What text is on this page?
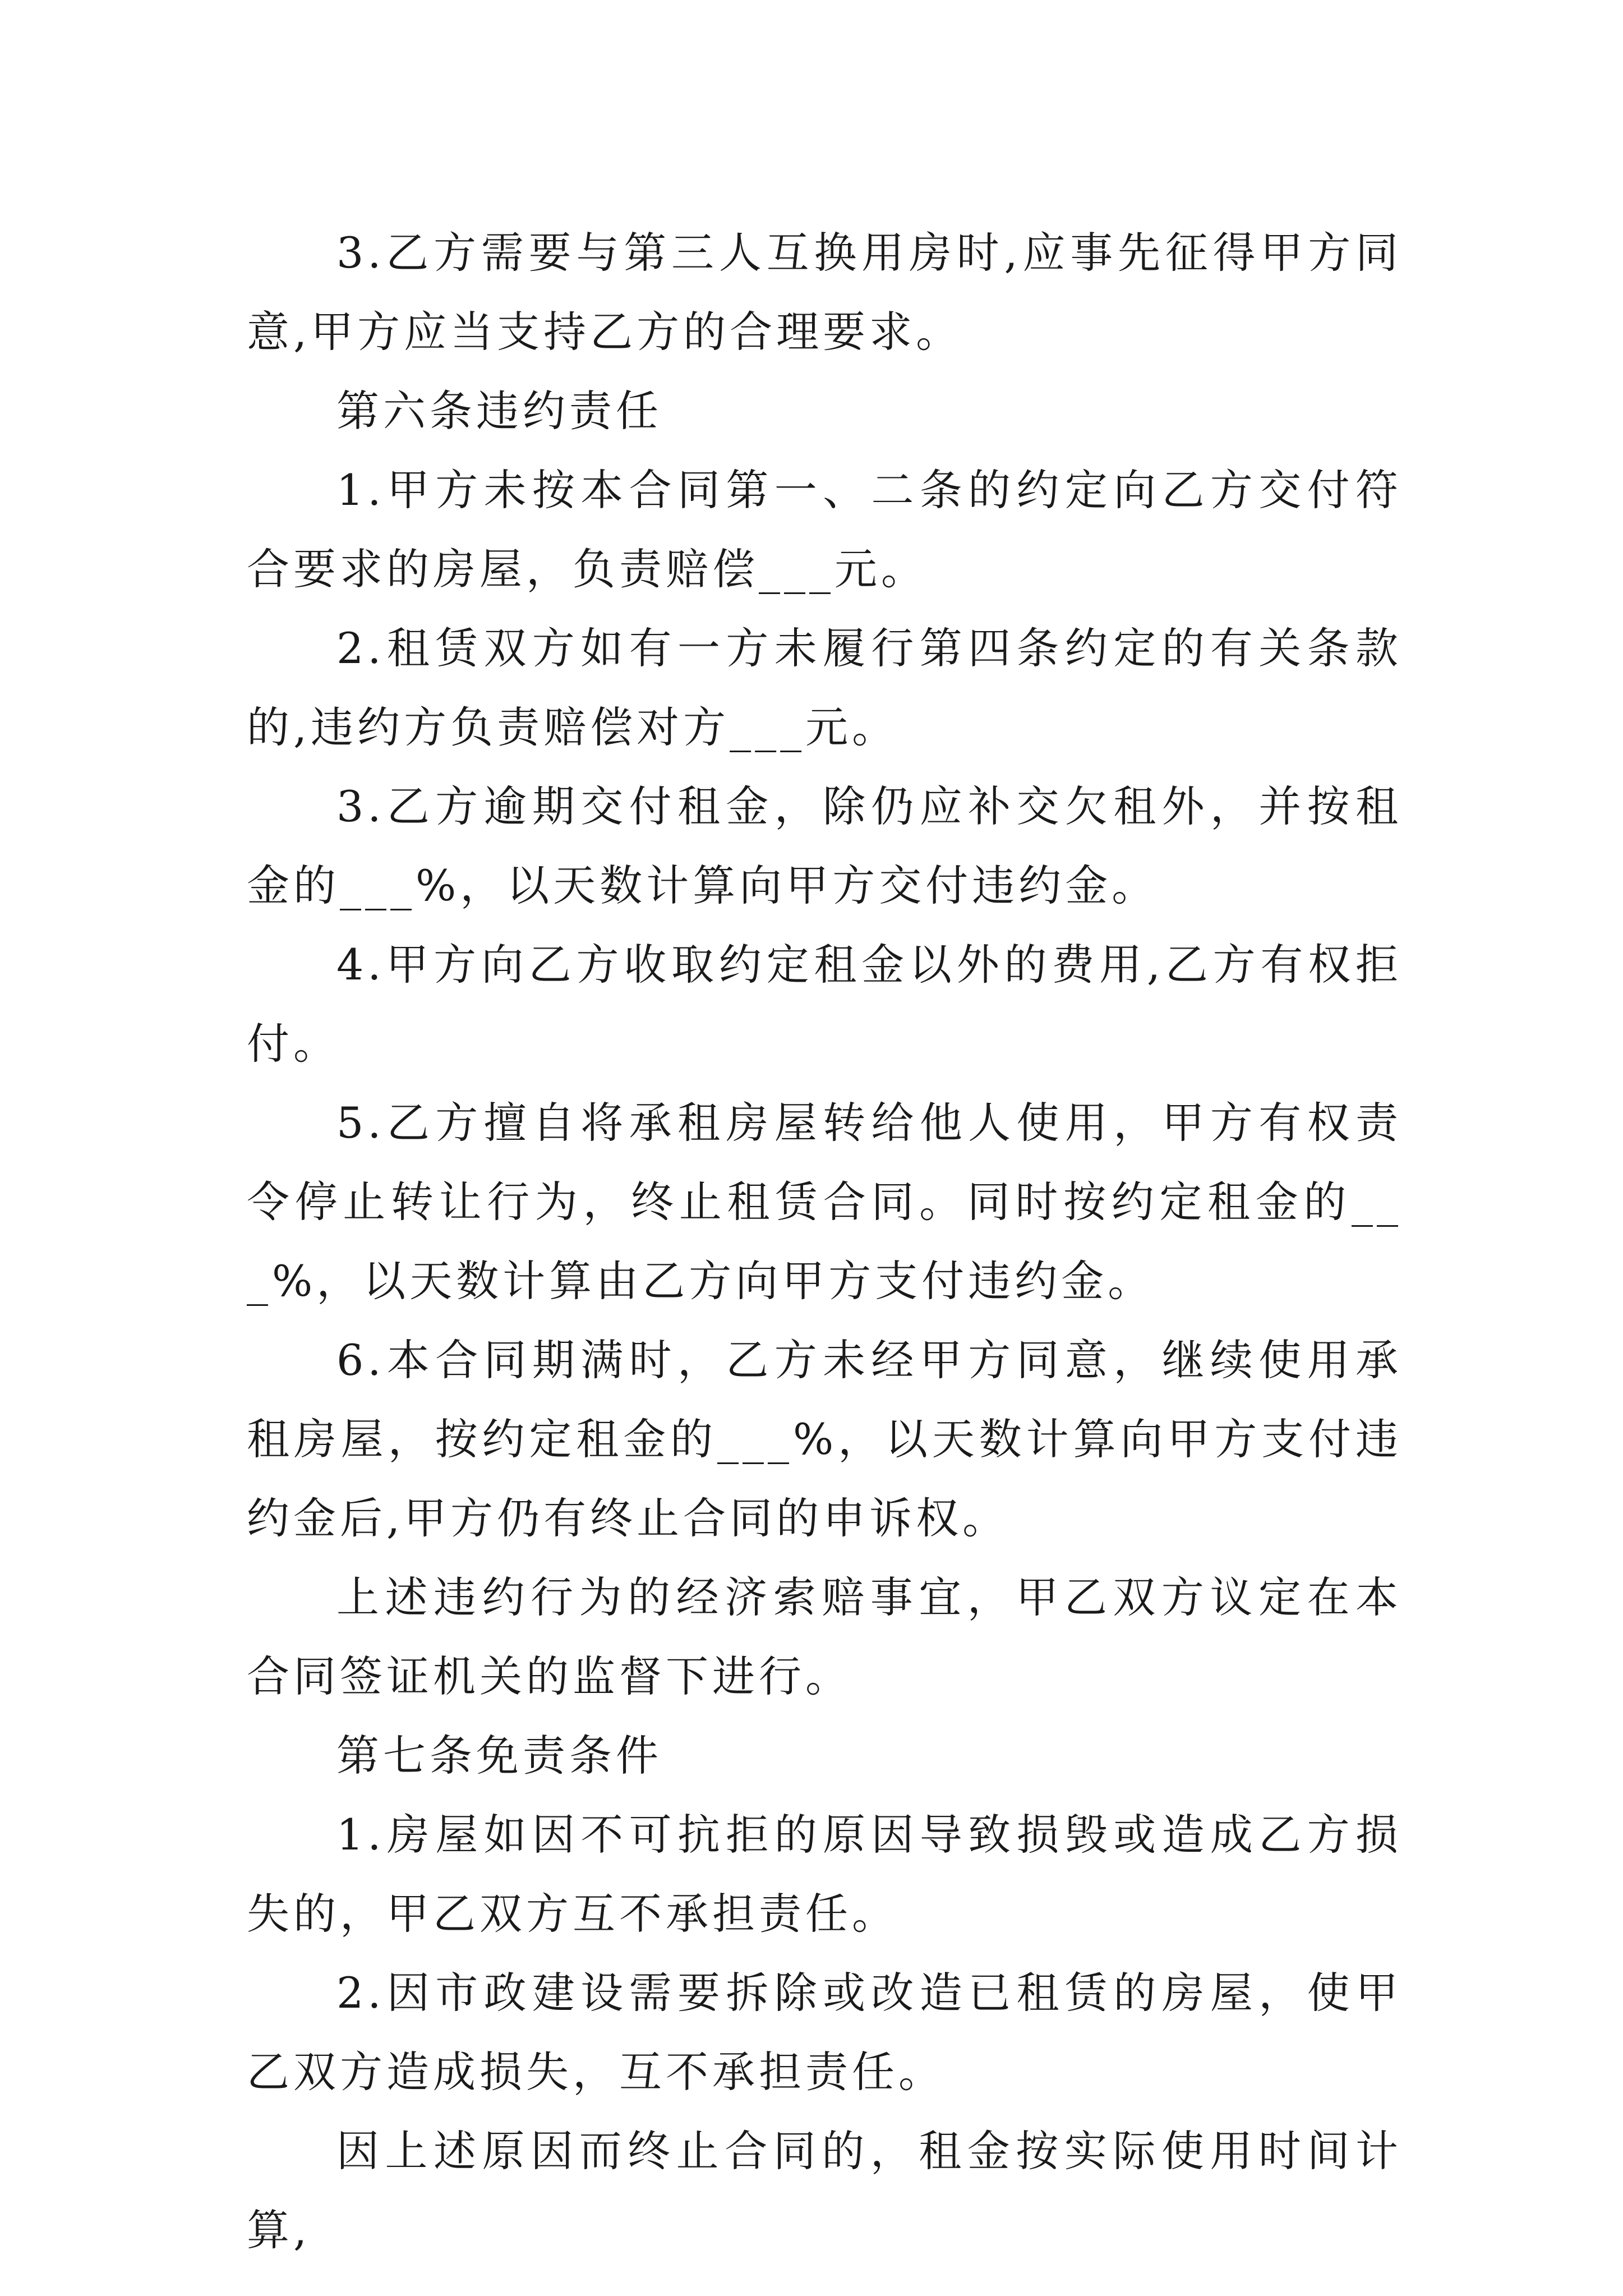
3.乙方需要与第三人互换用房时,应事先征得甲方同意,甲方应当支持乙方的合理要求。

第六条违约责任

1.甲方未按本合同第一、二条的约定向乙方交付符合要求的房屋，负责赔偿___元。

2.租赁双方如有一方未履行第四条约定的有关条款的,违约方负责赔偿对方___元。

3.乙方逾期交付租金，除仍应补交欠租外，并按租金的___%，以天数计算向甲方交付违约金。

4.甲方向乙方收取约定租金以外的费用,乙方有权拒付。

5.乙方擅自将承租房屋转给他人使用，甲方有权责令停止转让行为，终止租赁合同。同时按约定租金的___%，以天数计算由乙方向甲方支付违约金。

6.本合同期满时，乙方未经甲方同意，继续使用承租房屋，按约定租金的___%，以天数计算向甲方支付违约金后,甲方仍有终止合同的申诉权。

上述违约行为的经济索赔事宜，甲乙双方议定在本合同签证机关的监督下进行。

第七条免责条件

1.房屋如因不可抗拒的原因导致损毁或造成乙方损失的，甲乙双方互不承担责任。

2.因市政建设需要拆除或改造已租赁的房屋，使甲乙双方造成损失，互不承担责任。

因上述原因而终止合同的，租金按实际使用时间计算,
